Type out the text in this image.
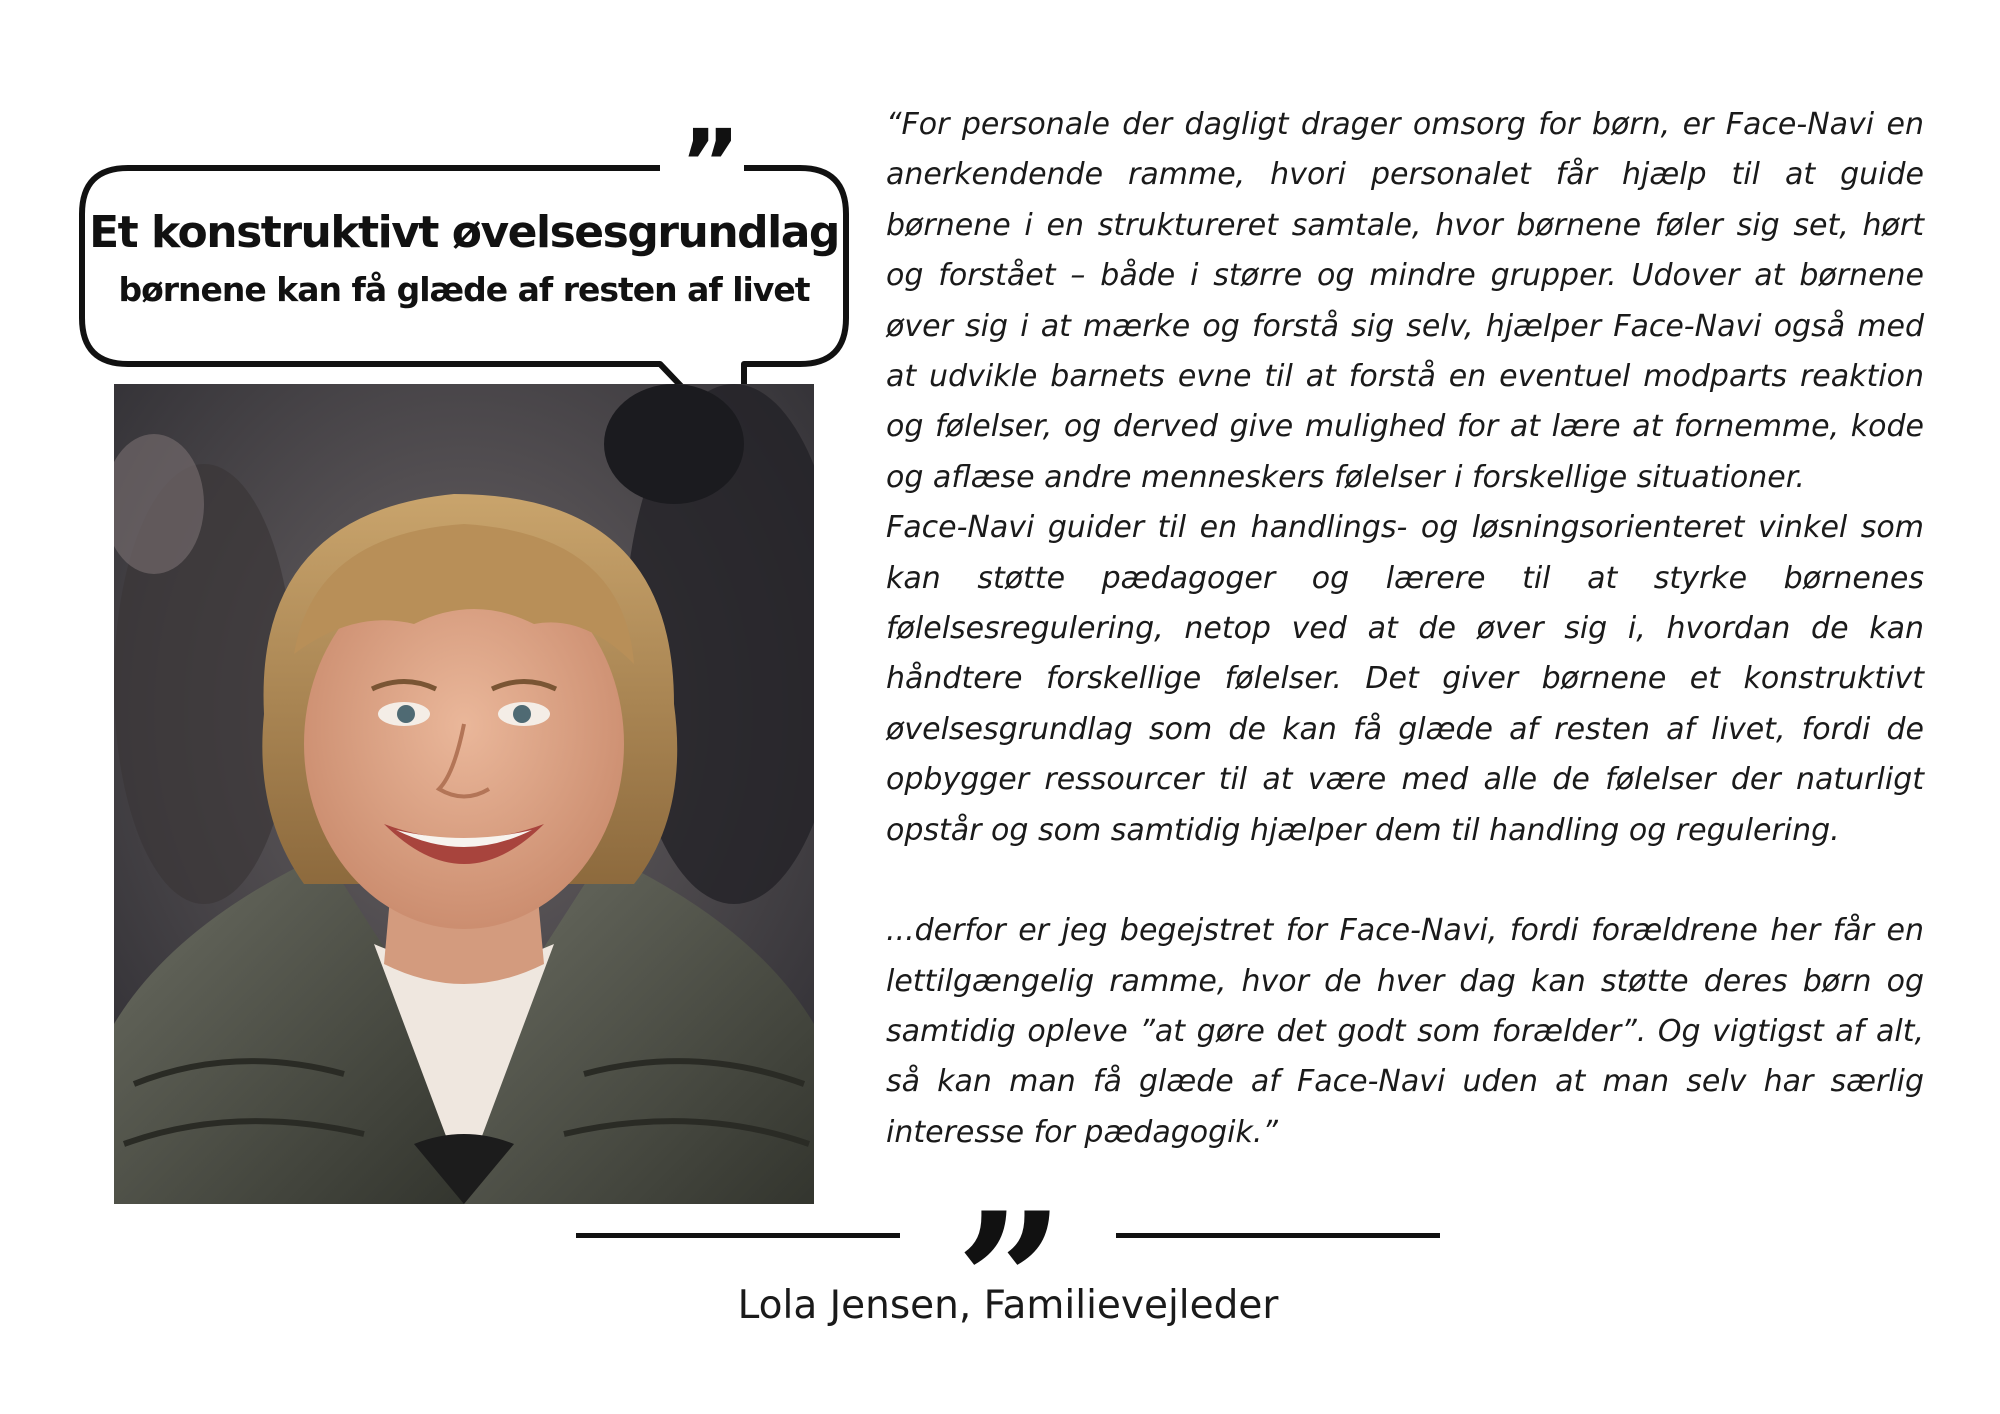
”
Et konstruktivt øvelsesgrundlag
børnene kan få glæde af resten af livet

“For personale der dagligt drager omsorg for børn, er Face-Navi en anerkendende ramme, hvori personalet får hjælp til at guide børnene i en struktureret samtale, hvor børnene føler sig set, hørt og forstået – både i større og mindre grupper. Udover at børnene øver sig i at mærke og forstå sig selv, hjælper Face-Navi også med at udvikle barnets evne til at forstå en eventuel modparts reaktion og følelser, og derved give mulighed for at lære at fornemme, kode og aflæse andre menneskers følelser i forskellige situationer.

Face-Navi guider til en handlings- og løsningsorienteret vinkel som kan støtte pædagoger og lærere til at styrke børnenes følelsesregulering, netop ved at de øver sig i, hvordan de kan håndtere forskellige følelser. Det giver børnene et konstruktivt øvelsesgrundlag som de kan få glæde af resten af livet, fordi de opbygger ressourcer til at være med alle de følelser der naturligt opstår og som samtidig hjælper dem til handling og regulering.

...derfor er jeg begejstret for Face-Navi, fordi forældrene her får en lettilgængelig ramme, hvor de hver dag kan støtte deres børn og samtidig opleve ”at gøre det godt som forælder”. Og vigtigst af alt, så kan man få glæde af Face-Navi uden at man selv har særlig interesse for pædagogik.”

”
Lola Jensen, Familievejleder
